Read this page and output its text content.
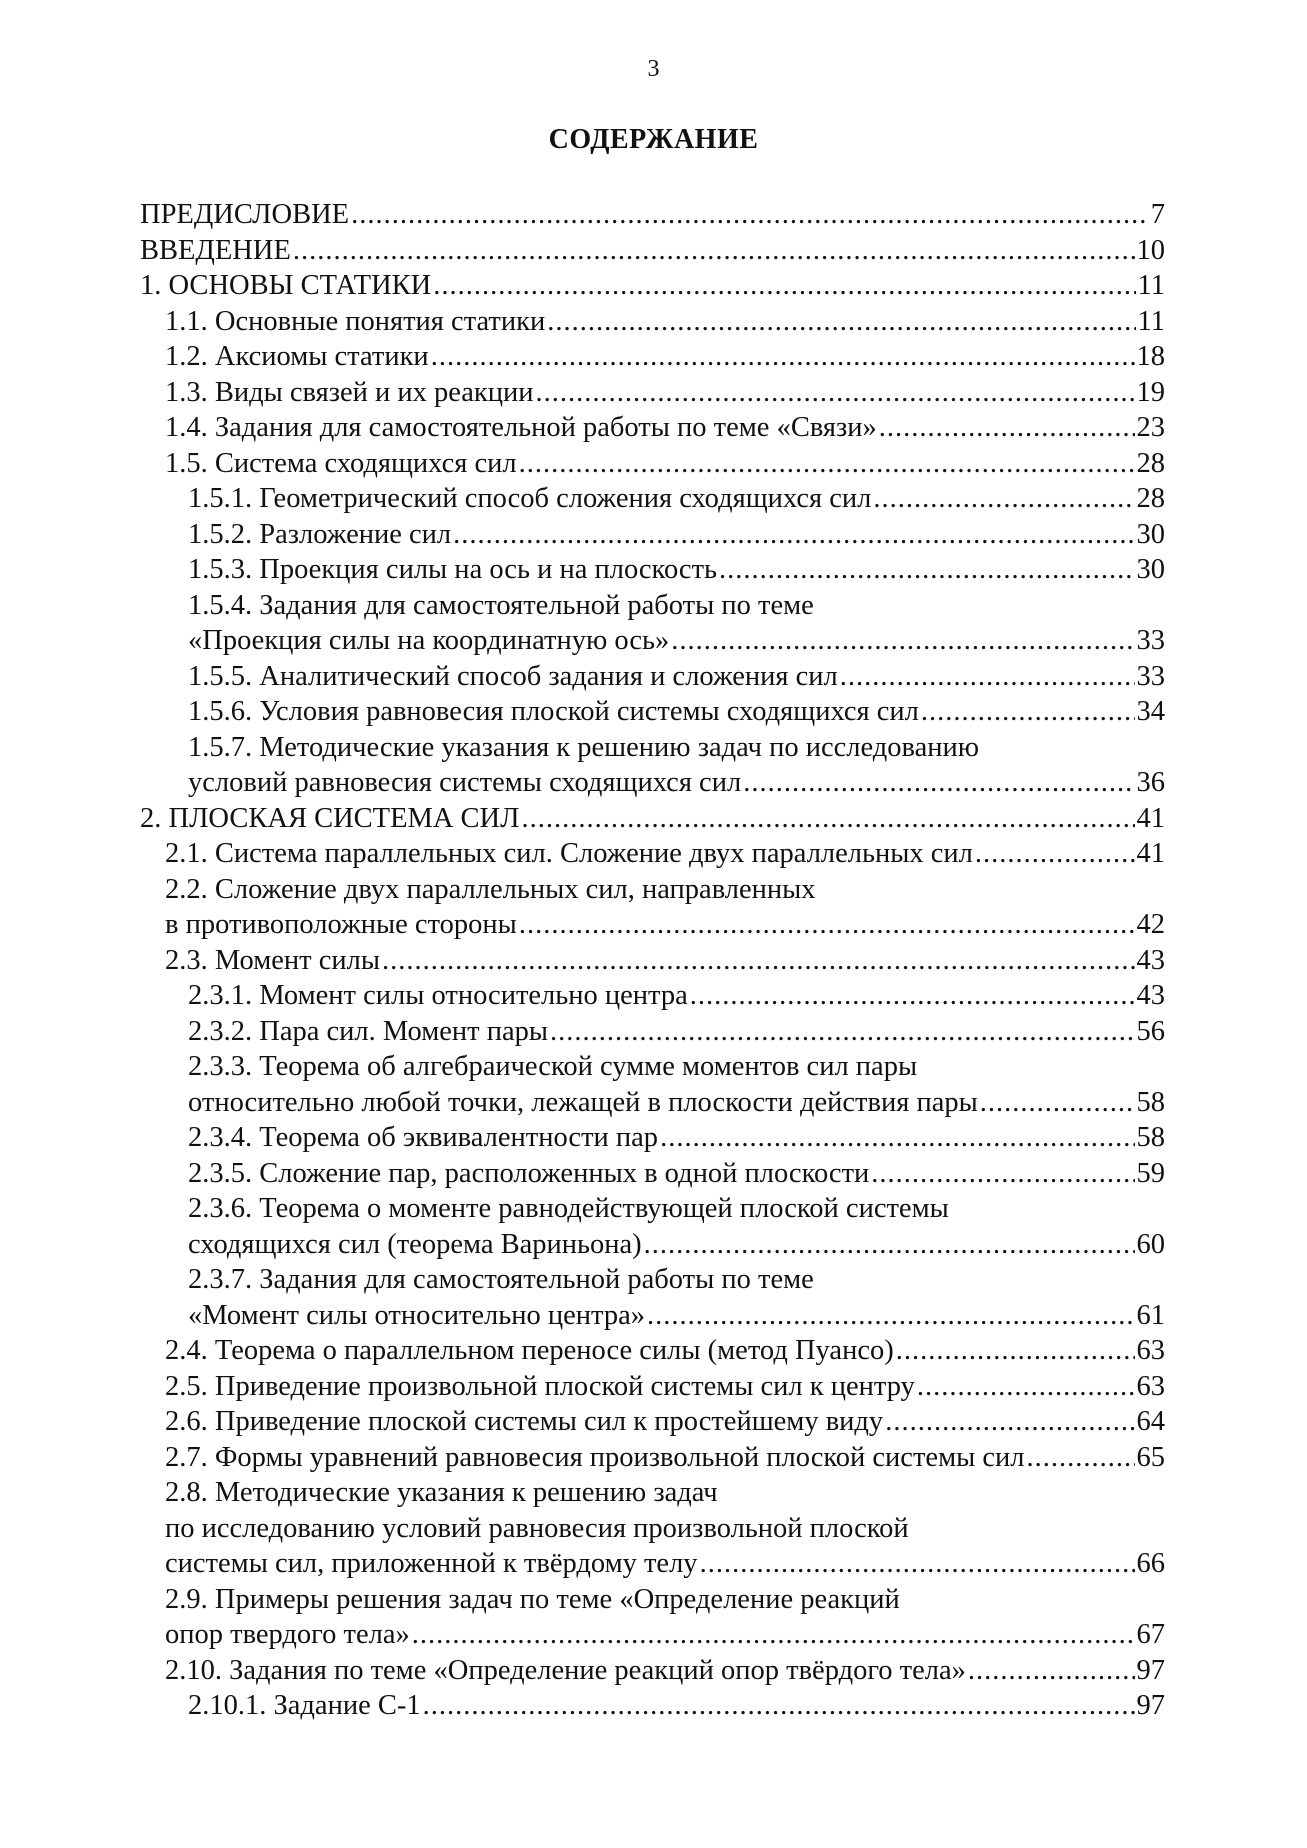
3
СОДЕРЖАНИЕ
ПРЕДИСЛОВИЕ .....	7
ВВЕДЕНИЕ .....	10
1. ОСНОВЫ СТАТИКИ .....	11
1.1. Основные понятия статики .....	11
1.2. Аксиомы статики .....	18
1.3. Виды связей и их реакции .....	19
1.4. Задания для самостоятельной работы по теме «Связи» .....	23
1.5. Система сходящихся сил .....	28
1.5.1. Геометрический способ сложения сходящихся сил .....	28
1.5.2. Разложение сил .....	30
1.5.3. Проекция силы на ось и на плоскость .....	30
1.5.4. Задания для самостоятельной работы по теме
«Проекция силы на координатную ось» .....	33
1.5.5. Аналитический способ задания и сложения сил .....	33
1.5.6. Условия равновесия плоской системы сходящихся сил .....	34
1.5.7. Методические указания к решению задач по исследованию
условий равновесия системы сходящихся сил .....	36
2. ПЛОСКАЯ СИСТЕМА СИЛ .....	41
2.1. Система параллельных сил. Сложение двух параллельных сил .....	41
2.2. Сложение двух параллельных сил, направленных
в противоположные стороны .....	42
2.3. Момент силы .....	43
2.3.1. Момент силы относительно центра .....	43
2.3.2. Пара сил. Момент пары .....	56
2.3.3. Теорема об алгебраической сумме моментов сил пары
относительно любой точки, лежащей в плоскости действия пары .....	58
2.3.4. Теорема об эквивалентности пар .....	58
2.3.5. Сложение пар, расположенных в одной плоскости .....	59
2.3.6. Теорема о моменте равнодействующей плоской системы
сходящихся сил (теорема Вариньона) .....	60
2.3.7. Задания для самостоятельной работы по теме
«Момент силы относительно центра» .....	61
2.4. Теорема о параллельном переносе силы (метод Пуансо) .....	63
2.5. Приведение произвольной плоской системы сил к центру .....	63
2.6. Приведение плоской системы сил к простейшему виду .....	64
2.7. Формы уравнений равновесия произвольной плоской системы сил .....	65
2.8. Методические указания к решению задач
по исследованию условий равновесия произвольной плоской
системы сил, приложенной к твёрдому телу .....	66
2.9. Примеры решения задач по теме «Определение реакций
опор твердого тела» .....	67
2.10. Задания по теме «Определение реакций опор твёрдого тела» .....	97
2.10.1. Задание С-1 .....	97
